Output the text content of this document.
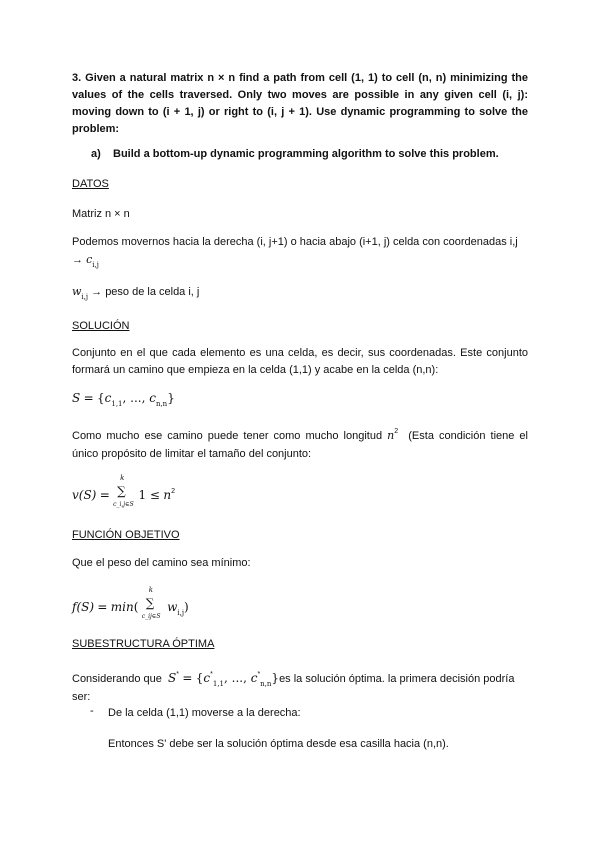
3. Given a natural matrix n × n find a path from cell (1, 1) to cell (n, n) minimizing the values of the cells traversed. Only two moves are possible in any given cell (i, j): moving down to (i + 1, j) or right to (i, j + 1). Use dynamic programming to solve the problem:
a) Build a bottom-up dynamic programming algorithm to solve this problem.
DATOS
Matriz n × n
Podemos movernos hacia la derecha (i, j+1) o hacia abajo (i+1, j) celda con coordenadas i,j
→ $c_{i,j}$
$w_{i,j}$ → peso de la celda i, j
SOLUCIÓN
Conjunto en el que cada elemento es una celda, es decir, sus coordenadas. Este conjunto formará un camino que empieza en la celda (1,1) y acabe en la celda (n,n):
$S = \{c_{1,1}$, ..., $c_{n,n}$}
Como mucho ese camino puede tener como mucho longitud $n^2$ (Esta condición tiene el único propósito de limitar el tamaño del conjunto:
v(S) =
k
∑
c_i,j∈S
$1 \le n^2$
FUNCIÓN OBJETIVO
Que el peso del camino sea mínimo:
f(S) = min(
k
∑
c_ij∈S
$w_{i,j}$)
SUBESTRUCTURA ÓPTIMA
Considerando que $S^* = \{c^*_{1,1}$, ..., $c^*_{n,n}\}es$ la solución óptima. la primera decisión podría ser:
- De la celda (1,1) moverse a la derecha:
Entonces S' debe ser la solución óptima desde esa casilla hacia (n,n).
